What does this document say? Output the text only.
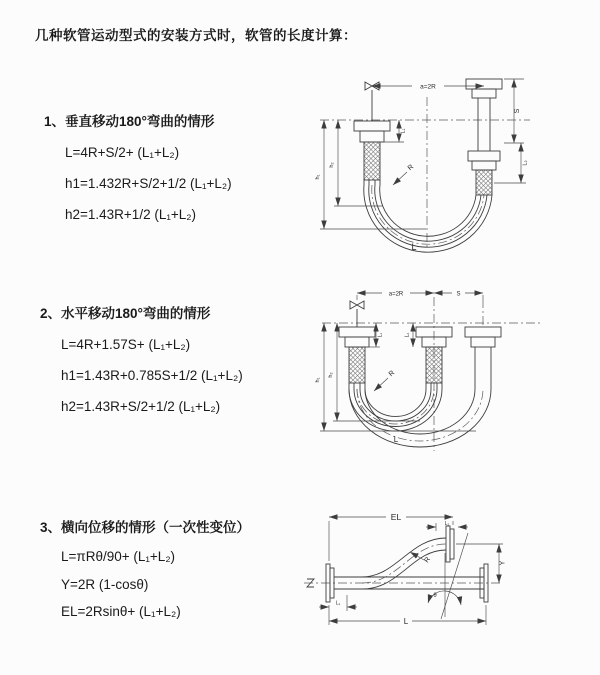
几种软管运动型式的安装方式时，软管的长度计算：
1、垂直移动180°弯曲的情形
L=4R+S/2+ (L₁+L₂)
h1=1.432R+S/2+1/2 (L₁+L₂)
h2=1.43R+1/2 (L₁+L₂)
2、水平移动180°弯曲的情形
L=4R+1.57S+ (L₁+L₂)
h1=1.43R+0.785S+1/2 (L₁+L₂)
h2=1.43R+S/2+1/2 (L₁+L₂)
3、横向位移的情形（一次性变位）
L=πRθ/90+ (L₁+L₂)
Y=2R (1-cosθ)
EL=2Rsinθ+ (L₁+L₂)
a=2R
S
L₂
L₁
h₂
h₁
R
L
a=2R	S
L₁	L₂
h₂
h₁
R
L
θ
EL
L₂
Y
R
L
L₁
